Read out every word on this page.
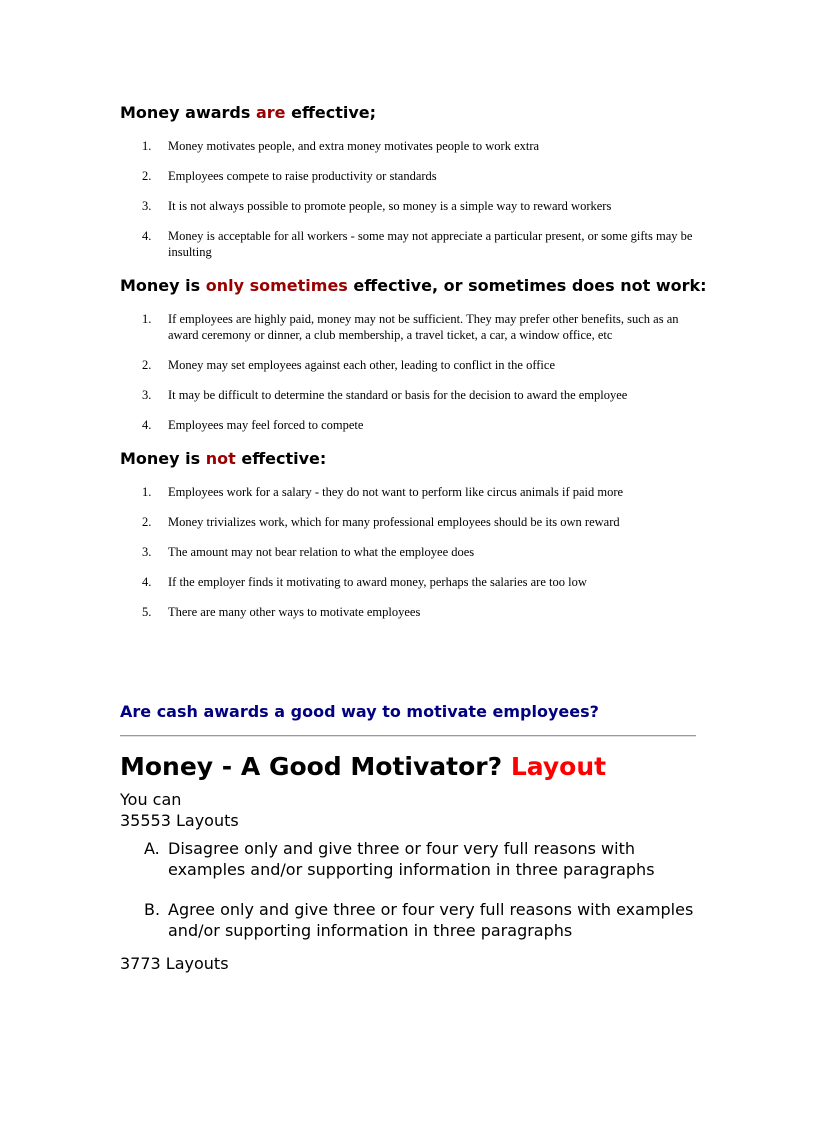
Money awards are effective;
1. Money motivates people, and extra money motivates people to work extra
2. Employees compete to raise productivity or standards
3. It is not always possible to promote people, so money is a simple way to reward workers
4. Money is acceptable for all workers - some may not appreciate a particular present, or some gifts may be insulting
Money is only sometimes effective, or sometimes does not work:
1. If employees are highly paid, money may not be sufficient. They may prefer other benefits, such as an award ceremony or dinner, a club membership, a travel ticket, a car, a window office, etc
2. Money may set employees against each other, leading to conflict in the office
3. It may be difficult to determine the standard or basis for the decision to award the employee
4. Employees may feel forced to compete
Money is not effective:
1. Employees work for a salary - they do not want to perform like circus animals if paid more
2. Money trivializes work, which for many professional employees should be its own reward
3. The amount may not bear relation to what the employee does
4. If the employer finds it motivating to award money, perhaps the salaries are too low
5. There are many other ways to motivate employees
Are cash awards a good way to motivate employees?
Money - A Good Motivator? Layout

You can

35553 Layouts

A. Disagree only and give three or four very full reasons with examples and/or supporting information in three paragraphs
B. Agree only and give three or four very full reasons with examples and/or supporting information in three paragraphs

3773 Layouts
